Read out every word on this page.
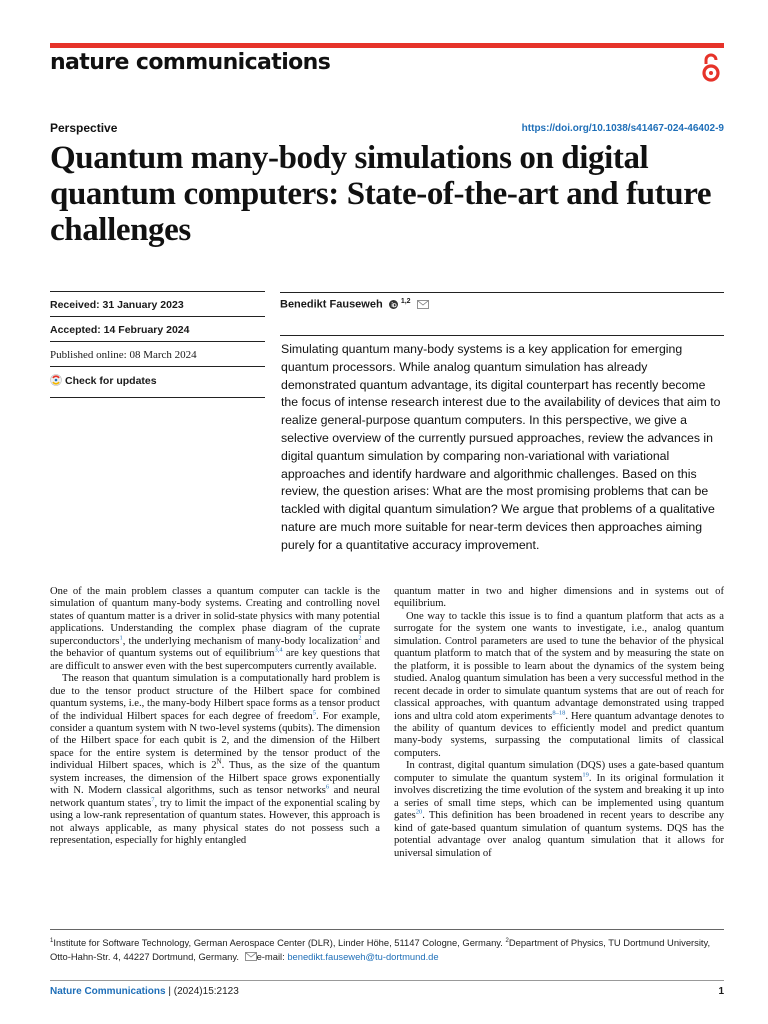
nature communications
Perspective	https://doi.org/10.1038/s41467-024-46402-9
Quantum many-body simulations on digital quantum computers: State-of-the-art and future challenges
Received: 31 January 2023
Accepted: 14 February 2024
Published online: 08 March 2024
Check for updates
Benedikt Fauseweh	$^{1,2}$
Simulating quantum many-body systems is a key application for emerging quantum processors. While analog quantum simulation has already demonstrated quantum advantage, its digital counterpart has recently become the focus of intense research interest due to the availability of devices that aim to realize general-purpose quantum computers. In this perspective, we give a selective overview of the currently pursued approaches, review the advances in digital quantum simulation by comparing non-variational with variational approaches and identify hardware and algorithmic challenges. Based on this review, the question arises: What are the most promising problems that can be tackled with digital quantum simulation? We argue that problems of a qualitative nature are much more suitable for near-term devices then approaches aiming purely for a quantitative accuracy improvement.

One of the main problem classes a quantum computer can tackle is the simulation of quantum many-body systems. Creating and controlling novel states of quantum matter is a driver in solid-state physics with many potential applications. Understanding the complex phase diagram of the cuprate superconductors$^1$, the underlying mechanism of many-body localization$^2$ and the behavior of quantum systems out of equilibrium$^{3,4}$ are key questions that are difficult to answer even with the best supercomputers currently available.

The reason that quantum simulation is a computationally hard problem is due to the tensor product structure of the Hilbert space for combined quantum systems, i.e., the many-body Hilbert space forms as a tensor product of the individual Hilbert spaces for each degree of freedom$^5$. For example, consider a quantum system with N two-level systems (qubits). The dimension of the Hilbert space for each qubit is 2, and the dimension of the Hilbert space for the entire system is determined by the tensor product of the individual Hilbert spaces, which is $2^N$. Thus, as the size of the quantum system increases, the dimension of the Hilbert space grows exponentially with N. Modern classical algorithms, such as tensor networks$^6$ and neural network quantum states$^7$, try to limit the impact of the exponential scaling by using a low-rank representation of quantum states. However, this approach is not always applicable, as many physical states do not possess such a representation, especially for highly entangled

quantum matter in two and higher dimensions and in systems out of equilibrium.

One way to tackle this issue is to find a quantum platform that acts as a surrogate for the system one wants to investigate, i.e., analog quantum simulation. Control parameters are used to tune the behavior of the physical quantum platform to match that of the system and by measuring the state on the platform, it is possible to learn about the dynamics of the system being studied. Analog quantum simulation has been a very successful method in the recent decade in order to simulate quantum systems that are out of reach for classical approaches, with quantum advantage demonstrated using trapped ions and ultra cold atom experiments$^{8-18}$. Here quantum advantage denotes to the ability of quantum devices to efficiently model and predict quantum many-body systems, surpassing the computational limits of classical computers.

In contrast, digital quantum simulation (DQS) uses a gate-based quantum computer to simulate the quantum system$^{19}$. In its original formulation it involves discretizing the time evolution of the system and breaking it up into a series of small time steps, which can be implemented using quantum gates$^{20}$. This definition has been broadened in recent years to describe any kind of gate-based quantum simulation of quantum systems. DQS has the potential advantage over analog quantum simulation that it allows for universal simulation of

$^1$Institute for Software Technology, German Aerospace Center (DLR), Linder Höhe, 51147 Cologne, Germany. $^2$Department of Physics, TU Dortmund University, Otto-Hahn-Str. 4, 44227 Dortmund, Germany. e-mail: benedikt.fauseweh@tu-dortmund.de
Nature Communications | (2024)15:2123	1
